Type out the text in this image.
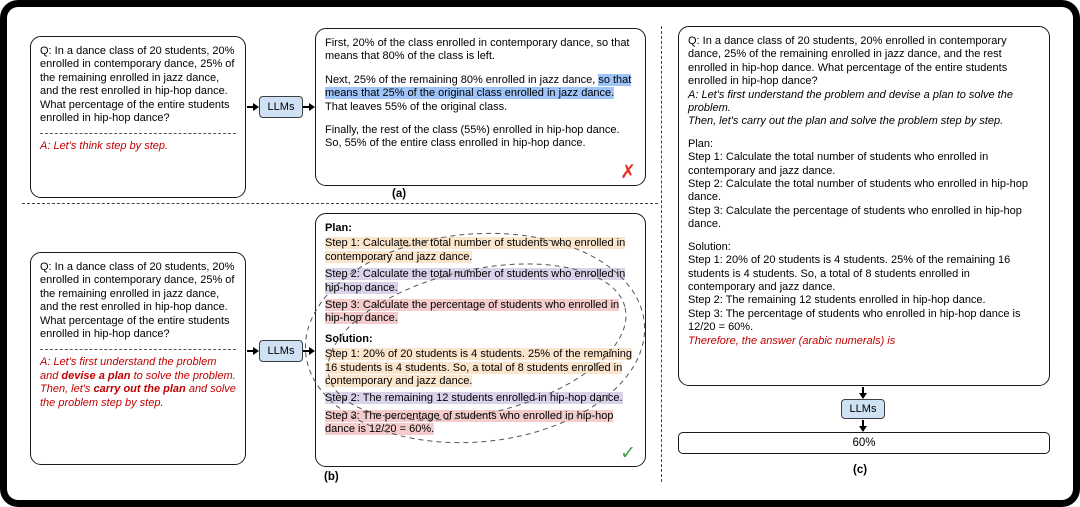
Q: In a dance class of 20 students, 20% enrolled in contemporary dance, 25% of the remaining enrolled in jazz dance, and the rest enrolled in hip-hop dance. What percentage of the entire students enrolled in hip-hop dance?
A: Let's think step by step.
LLMs

First, 20% of the class enrolled in contemporary dance, so that means that 80% of the class is left.

Next, 25% of the remaining 80% enrolled in jazz dance, so that means that 25% of the original class enrolled in jazz dance. That leaves 55% of the original class.

Finally, the rest of the class (55%) enrolled in hip-hop dance. So, 55% of the entire class enrolled in hip-hop dance.

✗
(a)
Q: In a dance class of 20 students, 20% enrolled in contemporary dance, 25% of the remaining enrolled in jazz dance, and the rest enrolled in hip-hop dance. What percentage of the entire students enrolled in hip-hop dance?
A: Let's first understand the problem and devise a plan to solve the problem.
Then, let's carry out the plan and solve the problem step by step.
LLMs
Plan:
Step 1: Calculate the total number of students who enrolled in contemporary and jazz dance.
Step 2: Calculate the total number of students who enrolled in hip-hop dance.
Step 3: Calculate the percentage of students who enrolled in hip-hop dance.
Solution:
Step 1: 20% of 20 students is 4 students. 25% of the remaining 16 students is 4 students. So, a total of 8 students enrolled in contemporary and jazz dance.
Step 2: The remaining 12 students enrolled in hip-hop dance.
Step 3: The percentage of students who enrolled in hip-hop dance is 12/20 = 60%.
✓
(b)
Q: In a dance class of 20 students, 20% enrolled in contemporary dance, 25% of the remaining enrolled in jazz dance, and the rest enrolled in hip-hop dance. What percentage of the entire students enrolled in hip-hop dance?
A: Let's first understand the problem and devise a plan to solve the problem.
Then, let's carry out the plan and solve the problem step by step.
Plan:
Step 1: Calculate the total number of students who enrolled in contemporary and jazz dance.
Step 2: Calculate the total number of students who enrolled in hip-hop dance.
Step 3: Calculate the percentage of students who enrolled in hip-hop dance.
Solution:
Step 1: 20% of 20 students is 4 students. 25% of the remaining 16 students is 4 students. So, a total of 8 students enrolled in contemporary and jazz dance.
Step 2: The remaining 12 students enrolled in hip-hop dance.
Step 3: The percentage of students who enrolled in hip-hop dance is 12/20 = 60%.
Therefore, the answer (arabic numerals) is
LLMs
60%
(c)
